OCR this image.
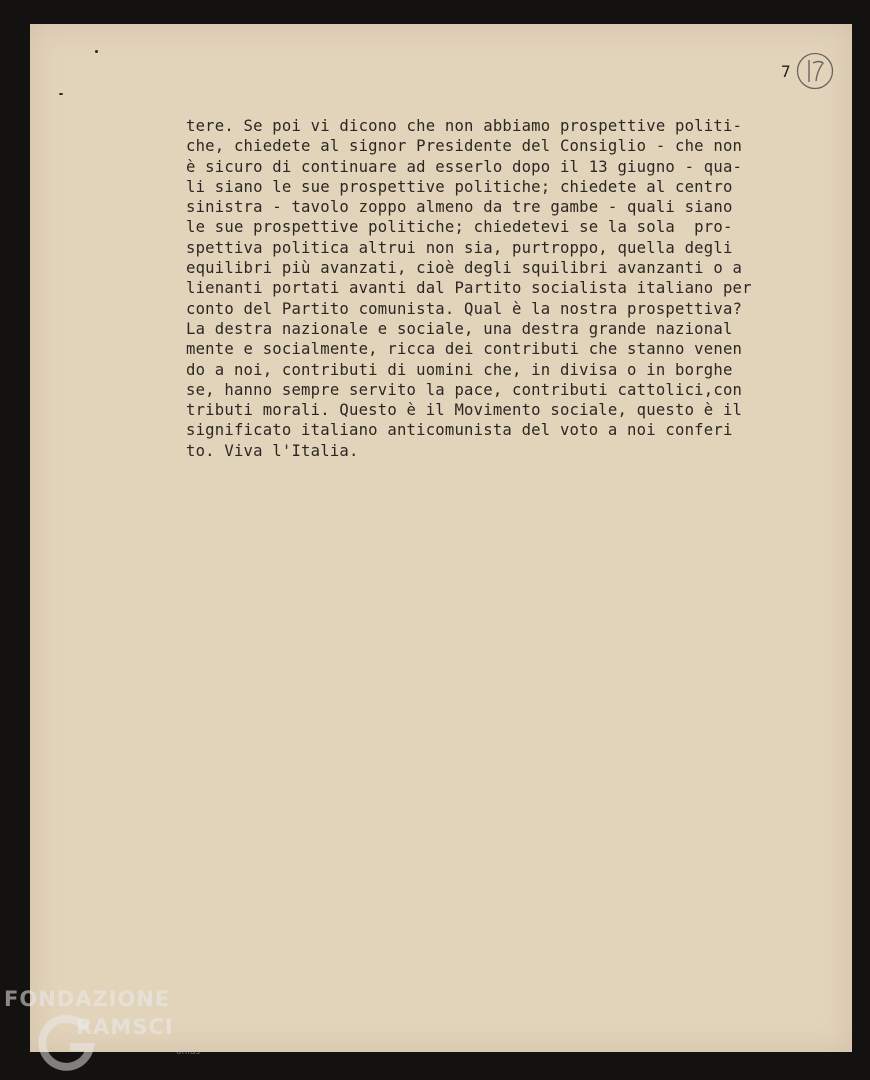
7
tere. Se poi vi dicono che non abbiamo prospettive politi-
che, chiedete al signor Presidente del Consiglio - che non
è sicuro di continuare ad esserlo dopo il 13 giugno - qua-
li siano le sue prospettive politiche; chiedete al centro
sinistra - tavolo zoppo almeno da tre gambe - quali siano
le sue prospettive politiche; chiedetevi se la sola  pro-
spettiva politica altrui non sia, purtroppo, quella degli
equilibri più avanzati, cioè degli squilibri avanzanti o a
lienanti portati avanti dal Partito socialista italiano per
conto del Partito comunista. Qual è la nostra prospettiva?
La destra nazionale e sociale, una destra grande nazional
mente e socialmente, ricca dei contributi che stanno venen
do a noi, contributi di uomini che, in divisa o in borghe
se, hanno sempre servito la pace, contributi cattolici,con
tributi morali. Questo è il Movimento sociale, questo è il
significato italiano anticomunista del voto a noi conferi
to. Viva l'Italia.
FONDAZIONE
RAMSCI
onlus
